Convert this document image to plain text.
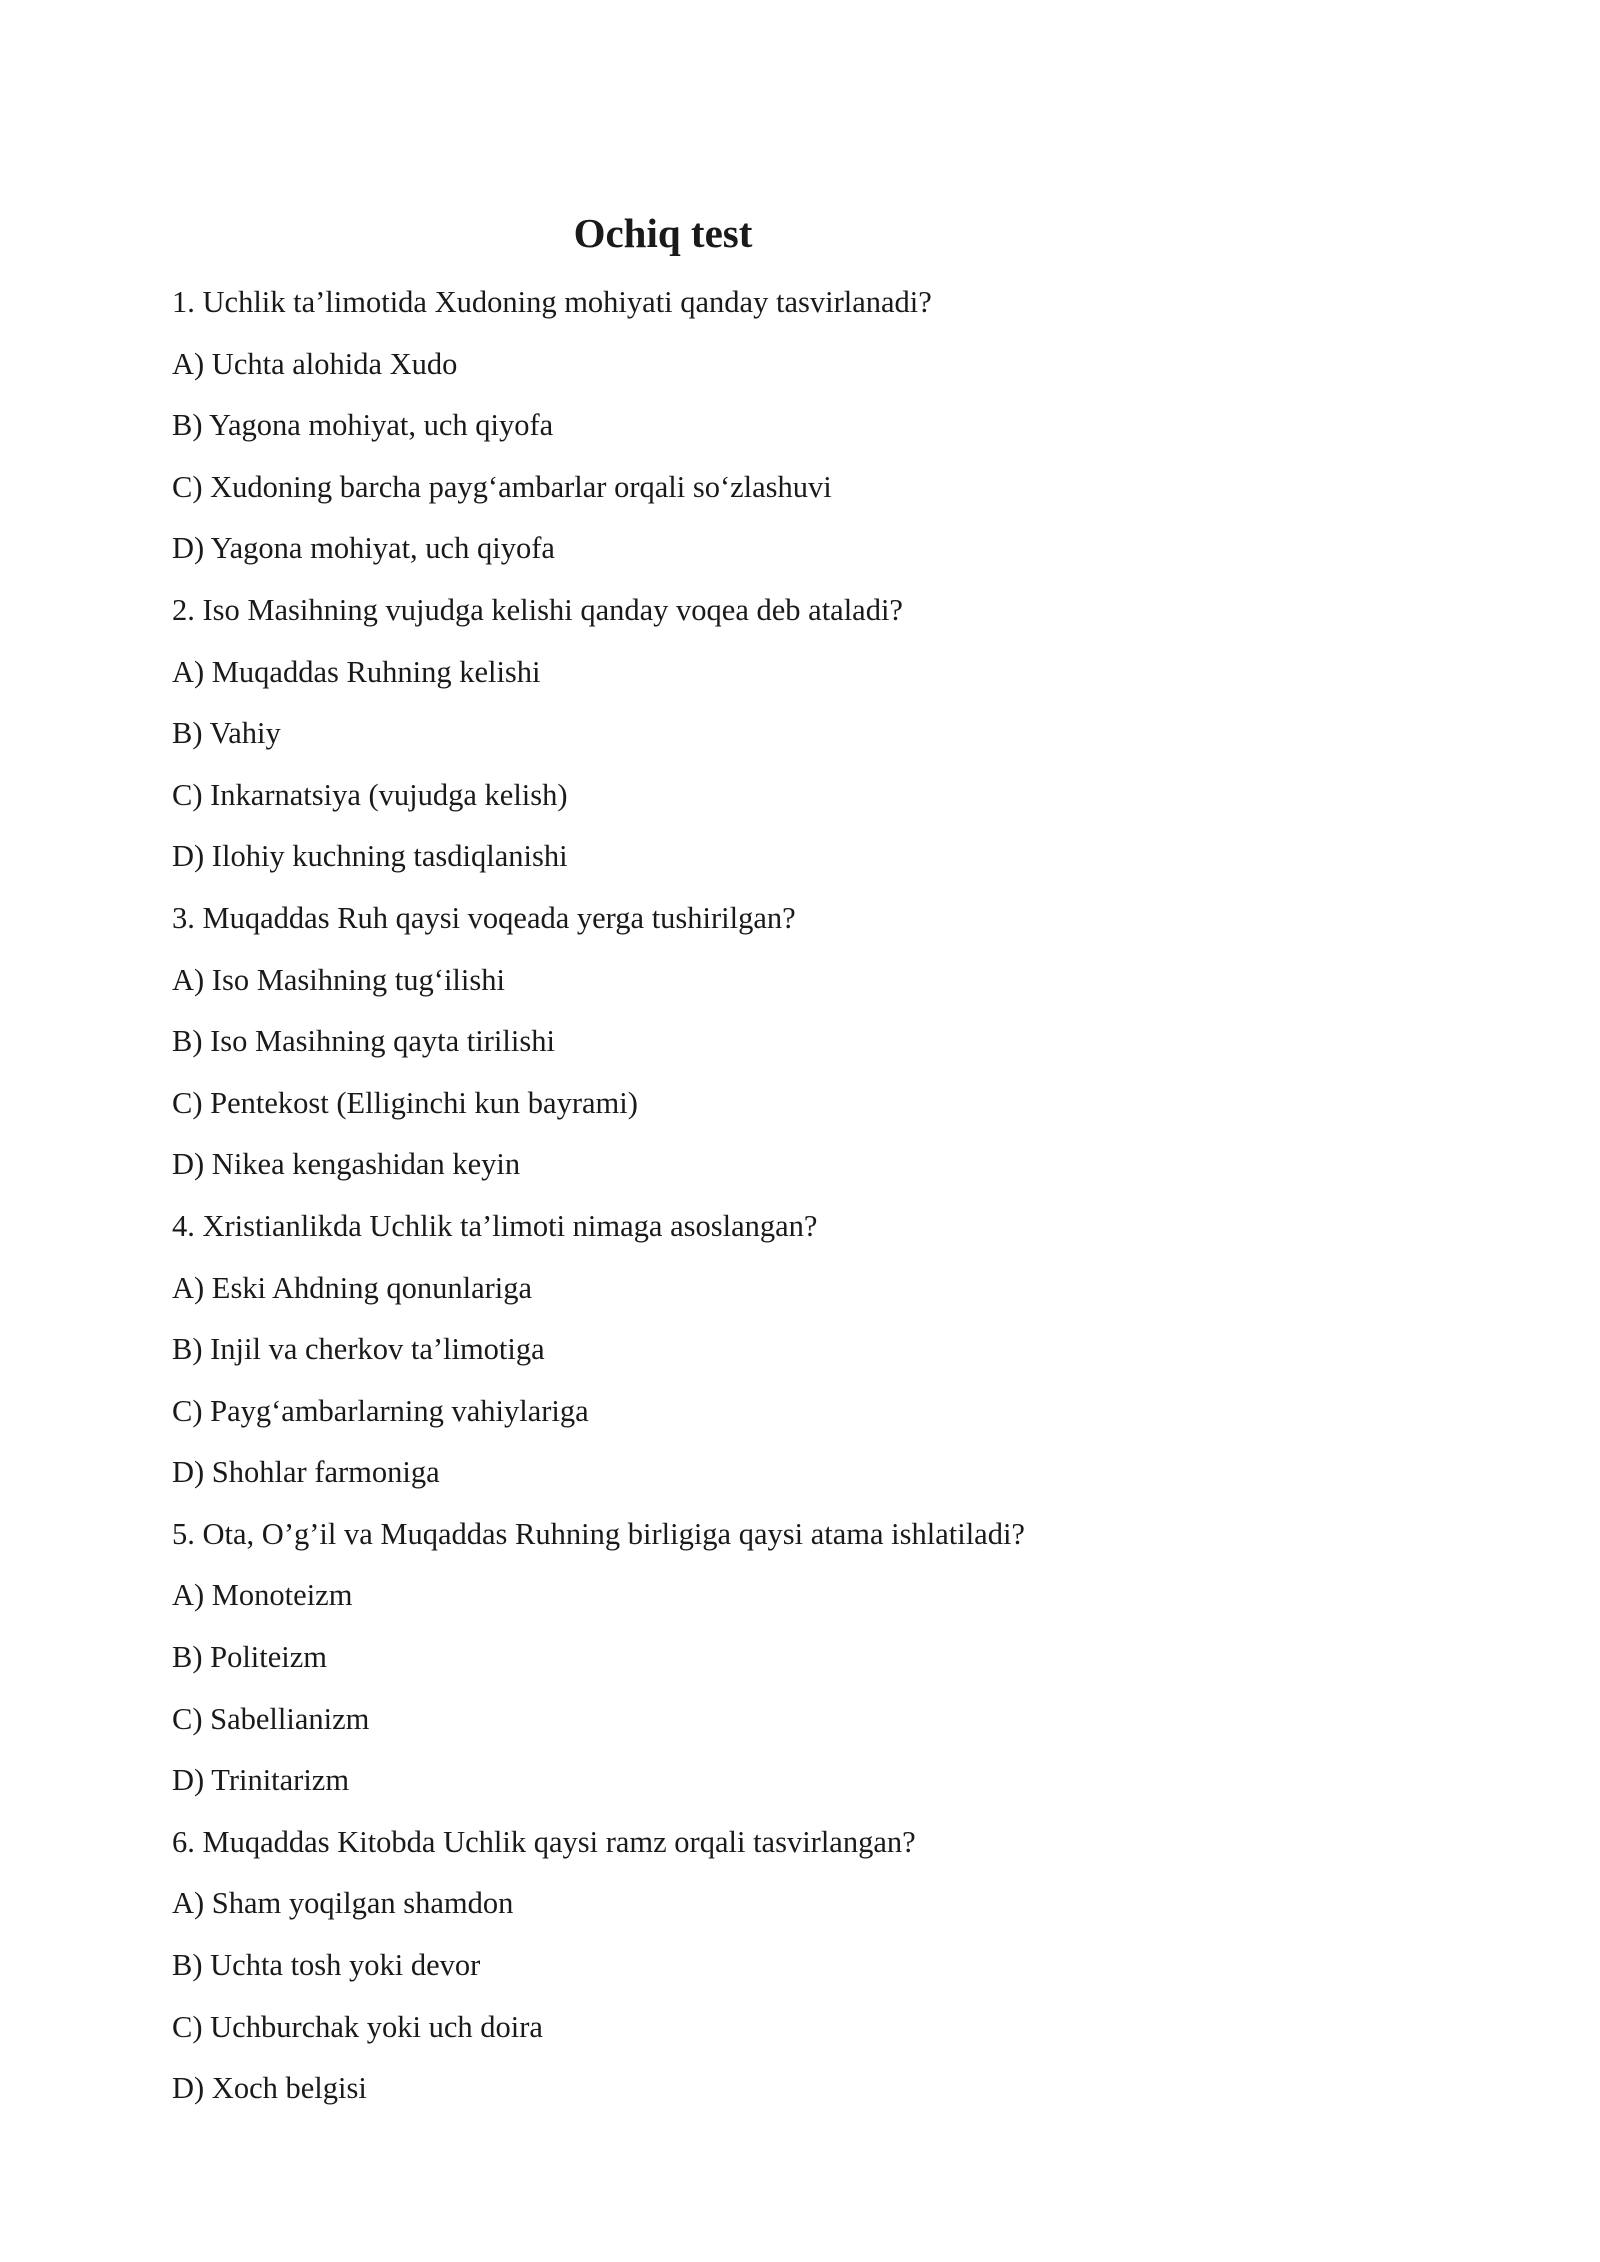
Ochiq test
1. Uchlik ta’limotida Xudoning mohiyati qanday tasvirlanadi?
A) Uchta alohida Xudo
B) Yagona mohiyat, uch qiyofa
C) Xudoning barcha payg‘ambarlar orqali so‘zlashuvi
D) Yagona mohiyat, uch qiyofa
2. Iso Masihning vujudga kelishi qanday voqea deb ataladi?
A) Muqaddas Ruhning kelishi
B) Vahiy
C) Inkarnatsiya (vujudga kelish)
D) Ilohiy kuchning tasdiqlanishi
3. Muqaddas Ruh qaysi voqeada yerga tushirilgan?
A) Iso Masihning tug‘ilishi
B) Iso Masihning qayta tirilishi
C) Pentekost (Elliginchi kun bayrami)
D) Nikea kengashidan keyin
4. Xristianlikda Uchlik ta’limoti nimaga asoslangan?
A) Eski Ahdning qonunlariga
B) Injil va cherkov ta’limotiga
C) Payg‘ambarlarning vahiylariga
D) Shohlar farmoniga
5. Ota, O’g’il va Muqaddas Ruhning birligiga qaysi atama ishlatiladi?
A) Monoteizm
B) Politeizm
C) Sabellianizm
D) Trinitarizm
6. Muqaddas Kitobda Uchlik qaysi ramz orqali tasvirlangan?
A) Sham yoqilgan shamdon
B) Uchta tosh yoki devor
C) Uchburchak yoki uch doira
D) Xoch belgisi
